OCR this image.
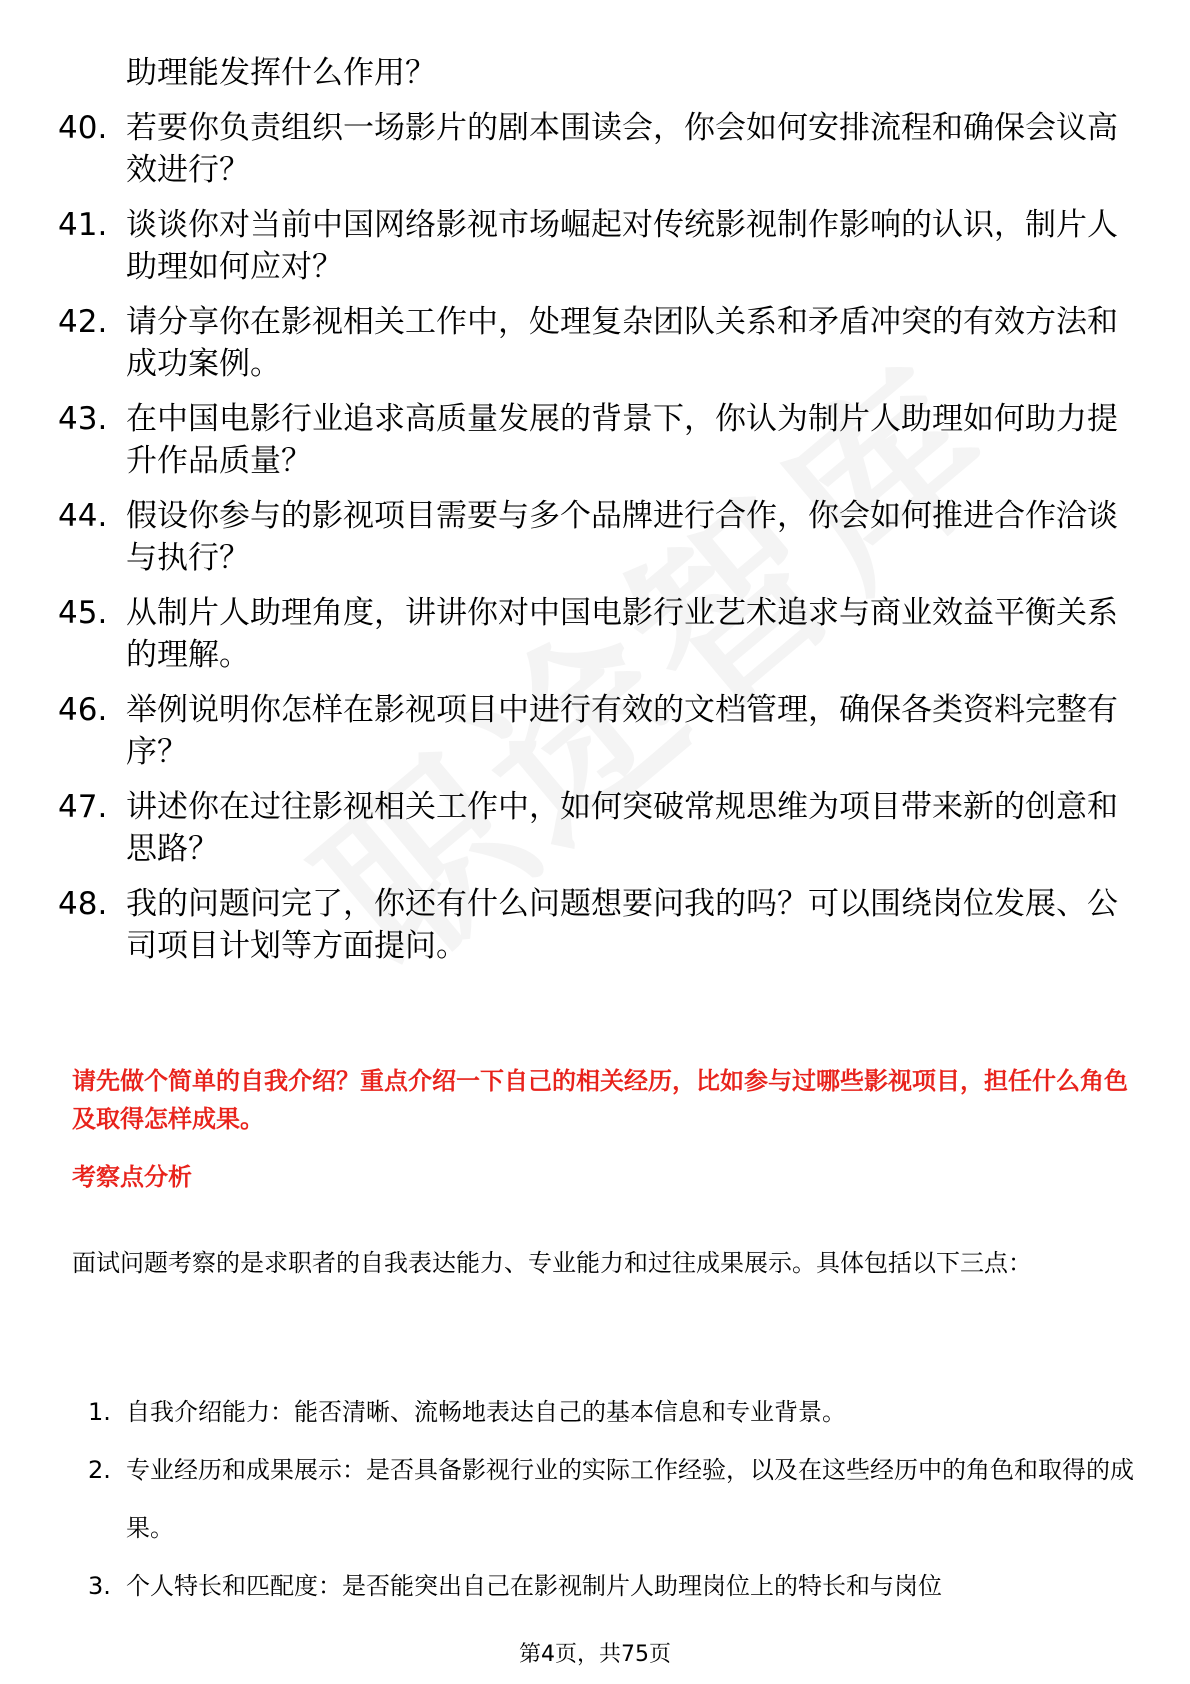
助理能发挥什么作用？
40. 若要你负责组织一场影片的剧本围读会，你会如何安排流程和确保会议高效进行？
41. 谈谈你对当前中国网络影视市场崛起对传统影视制作影响的认识，制片人助理如何应对？
42. 请分享你在影视相关工作中，处理复杂团队关系和矛盾冲突的有效方法和成功案例。
43. 在中国电影行业追求高质量发展的背景下，你认为制片人助理如何助力提升作品质量？
44. 假设你参与的影视项目需要与多个品牌进行合作，你会如何推进合作洽谈与执行？
45. 从制片人助理角度，讲讲你对中国电影行业艺术追求与商业效益平衡关系的理解。
46. 举例说明你怎样在影视项目中进行有效的文档管理，确保各类资料完整有序？
47. 讲述你在过往影视相关工作中，如何突破常规思维为项目带来新的创意和思路？
48. 我的问题问完了，你还有什么问题想要问我的吗？可以围绕岗位发展、公司项目计划等方面提问。
请先做个简单的自我介绍？重点介绍一下自己的相关经历，比如参与过哪些影视项目，担任什么角色及取得怎样成果。
考察点分析
面试问题考察的是求职者的自我表达能力、专业能力和过往成果展示。具体包括以下三点：
1. 自我介绍能力：能否清晰、流畅地表达自己的基本信息和专业背景。
2. 专业经历和成果展示：是否具备影视行业的实际工作经验，以及在这些经历中的角色和取得的成果。
3. 个人特长和匹配度：是否能突出自己在影视制片人助理岗位上的特长和与岗位
第4页，共75页
